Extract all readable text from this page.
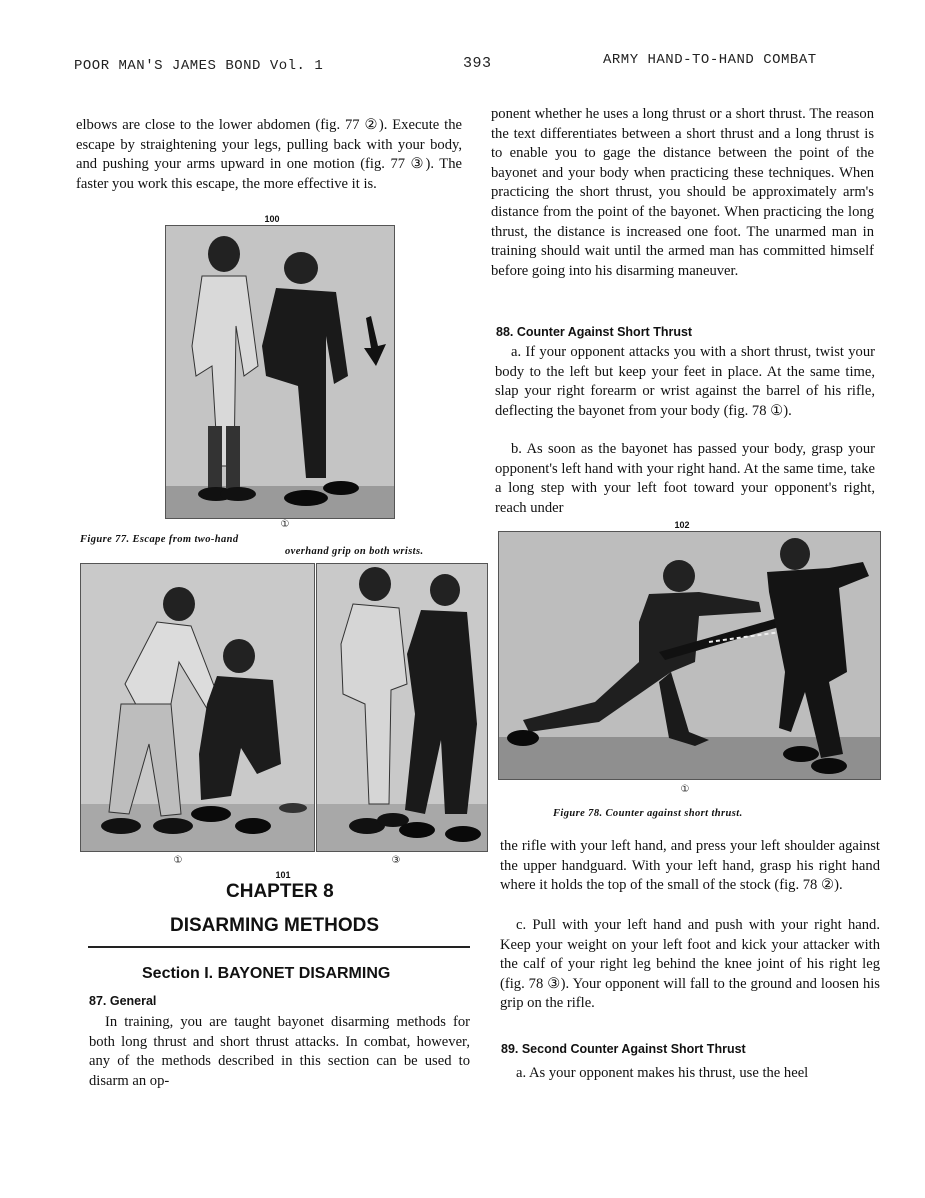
POOR MAN'S JAMES BOND Vol. 1	393	ARMY HAND-TO-HAND COMBAT

elbows are close to the lower abdomen (fig. 77 ②). Execute the escape by straightening your legs, pulling back with your body, and pushing your arms upward in one motion (fig. 77 ③). The faster you work this escape, the more effective it is.

100
①
Figure 77. Escape from two-hand
overhand grip on both wrists.
①	③
101
CHAPTER 8
DISARMING METHODS
Section I. BAYONET DISARMING
87. General

In training, you are taught bayonet disarming methods for both long thrust and short thrust attacks. In combat, however, any of the methods described in this section can be used to disarm an op-

ponent whether he uses a long thrust or a short thrust. The reason the text differentiates between a short thrust and a long thrust is to enable you to gage the distance between the point of the bayonet and your body when practicing these techniques. When practicing the short thrust, you should be approximately arm's distance from the point of the bayonet. When practicing the long thrust, the distance is increased one foot. The unarmed man in training should wait until the armed man has committed himself before going into his disarming maneuver.

88. Counter Against Short Thrust

a. If your opponent attacks you with a short thrust, twist your body to the left but keep your feet in place. At the same time, slap your right forearm or wrist against the barrel of his rifle, deflecting the bayonet from your body (fig. 78 ①).

b. As soon as the bayonet has passed your body, grasp your opponent's left hand with your right hand. At the same time, take a long step with your left foot toward your opponent's right, reach under

102
①
Figure 78. Counter against short thrust.

the rifle with your left hand, and press your left shoulder against the upper handguard. With your left hand, grasp his right hand where it holds the top of the small of the stock (fig. 78 ②).

c. Pull with your left hand and push with your right hand. Keep your weight on your left foot and kick your attacker with the calf of your right leg behind the knee joint of his right leg (fig. 78 ③). Your opponent will fall to the ground and loosen his grip on the rifle.

89. Second Counter Against Short Thrust

a. As your opponent makes his thrust, use the heel
